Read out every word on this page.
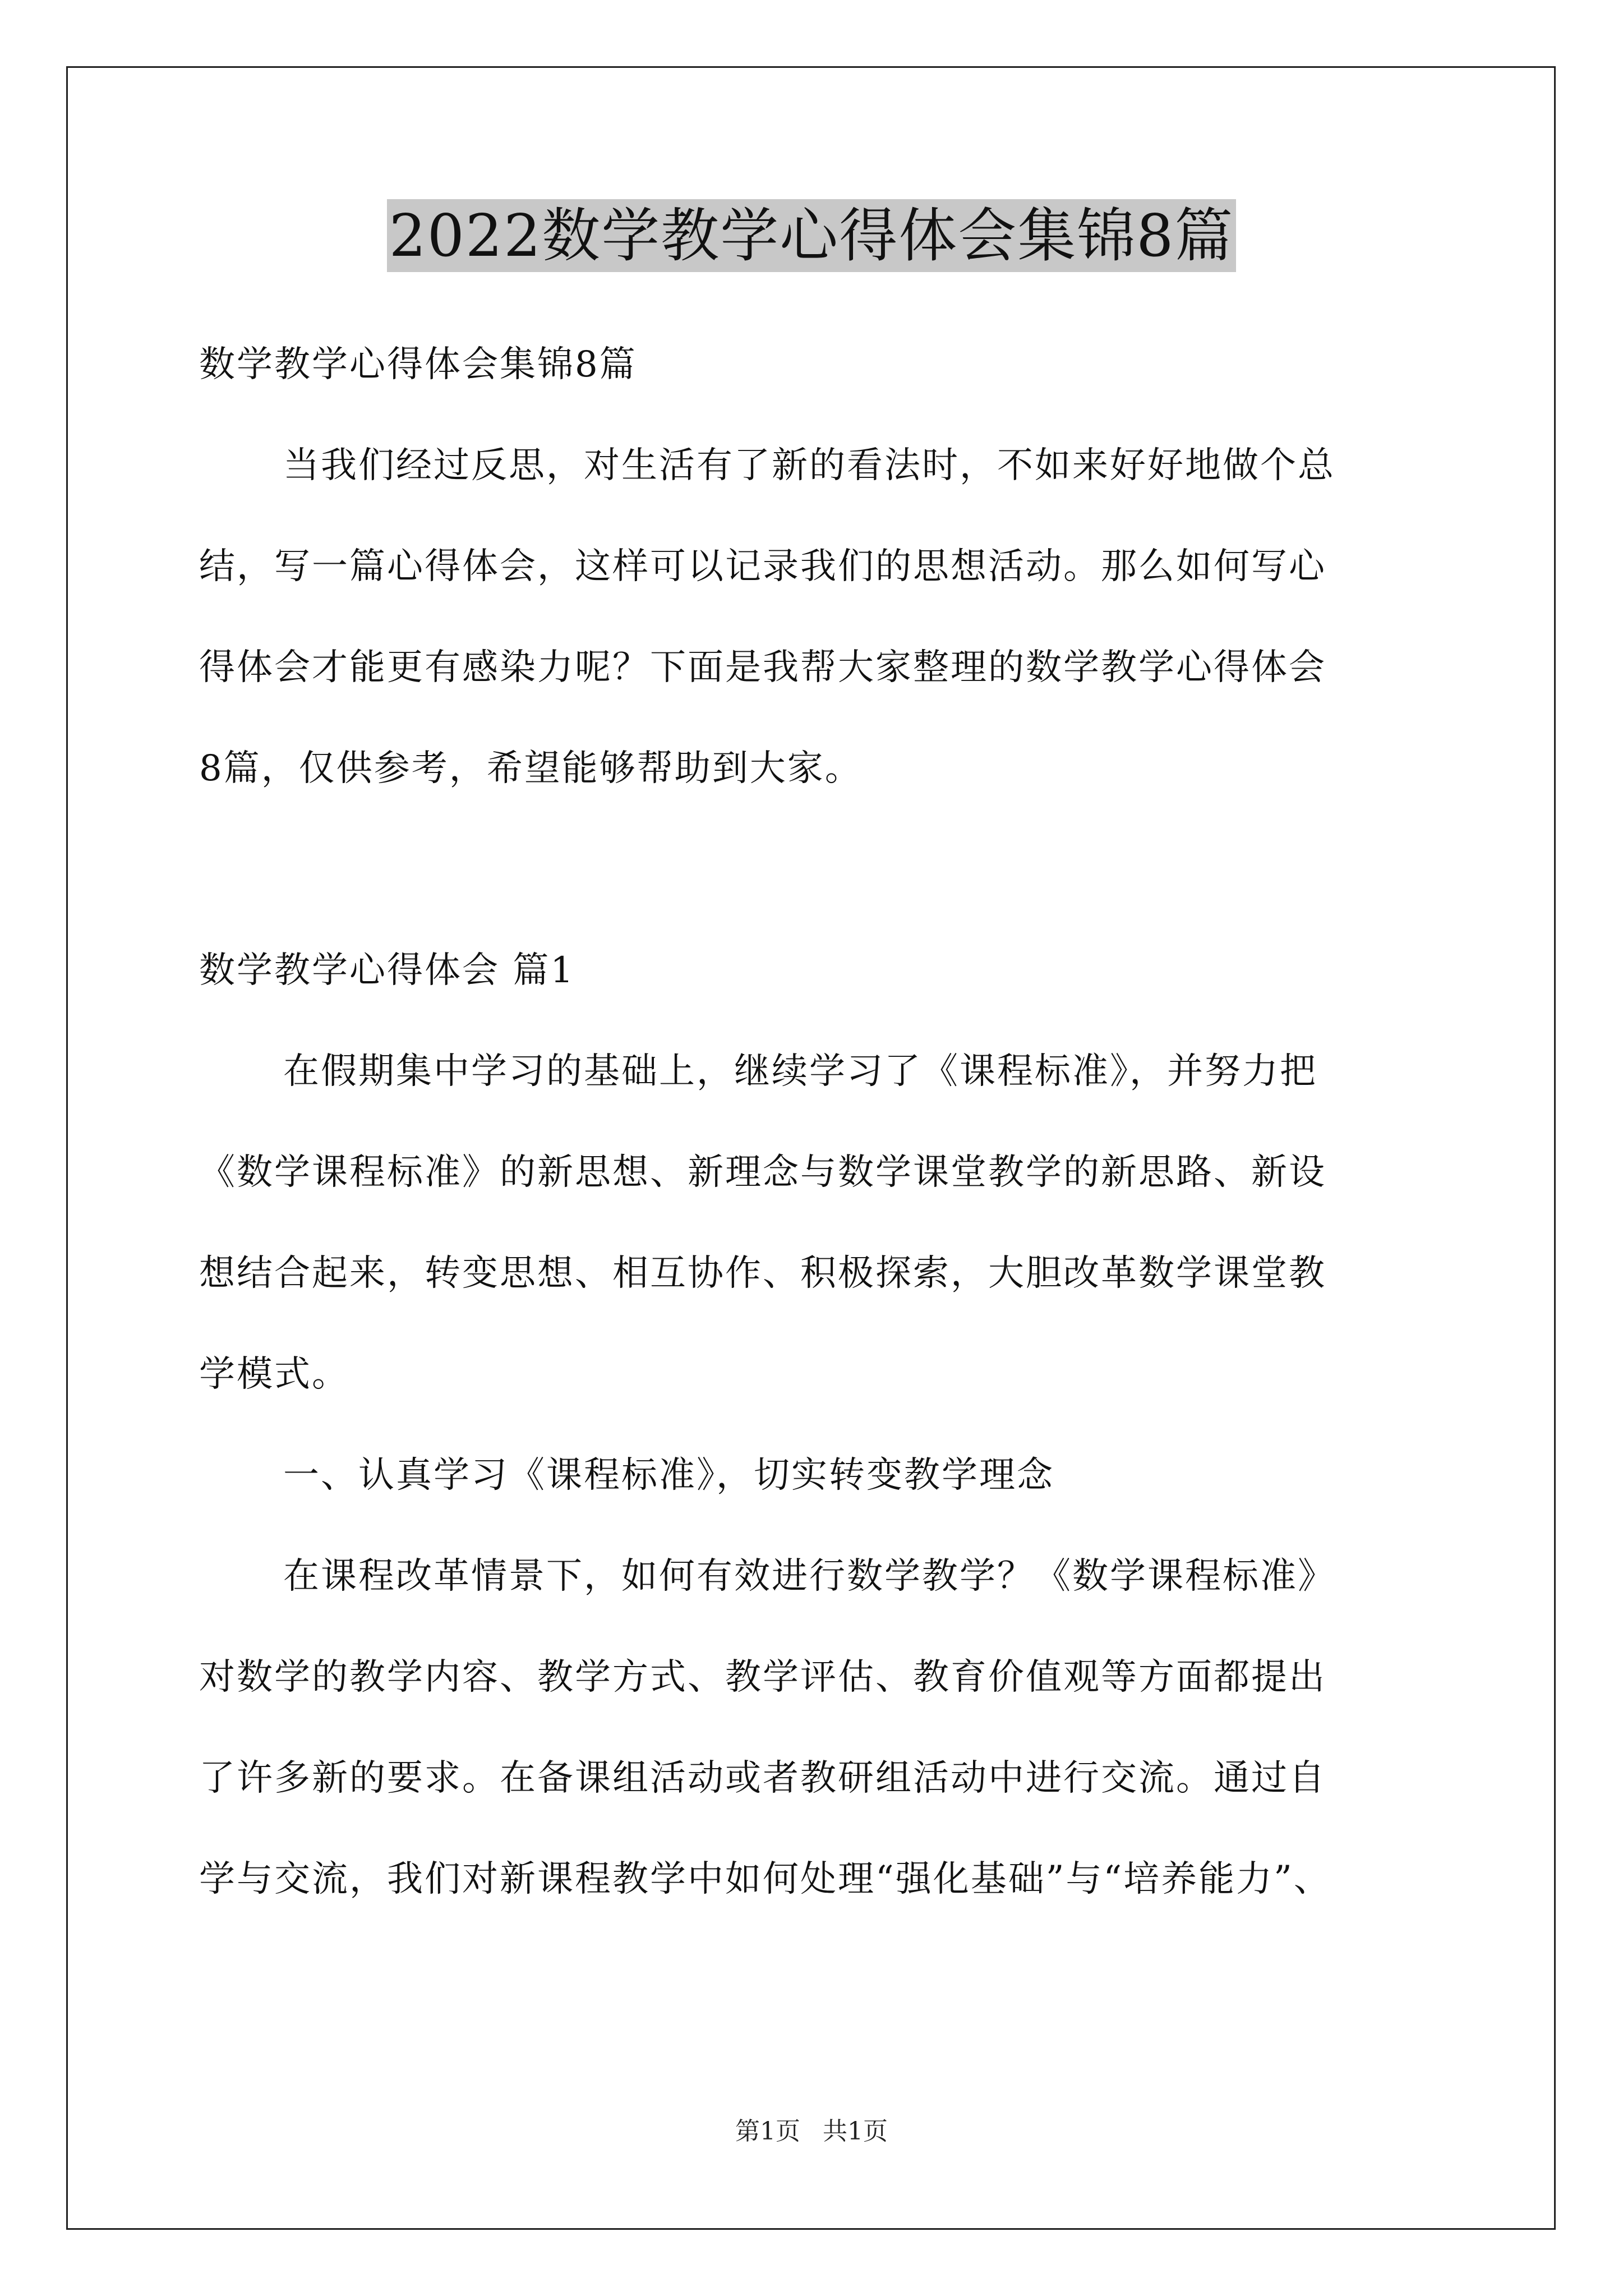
2022数学教学心得体会集锦8篇
数学教学心得体会集锦8篇
当我们经过反思，对生活有了新的看法时，不如来好好地做个总
结，写一篇心得体会，这样可以记录我们的思想活动。那么如何写心
得体会才能更有感染力呢？下面是我帮大家整理的数学教学心得体会
8篇，仅供参考，希望能够帮助到大家。
数学教学心得体会 篇1
在假期集中学习的基础上，继续学习了《课程标准》，并努力把
《数学课程标准》的新思想、新理念与数学课堂教学的新思路、新设
想结合起来，转变思想、相互协作、积极探索，大胆改革数学课堂教
学模式。
一、认真学习《课程标准》，切实转变教学理念
在课程改革情景下，如何有效进行数学教学？《数学课程标准》
对数学的教学内容、教学方式、教学评估、教育价值观等方面都提出
了许多新的要求。在备课组活动或者教研组活动中进行交流。通过自
学与交流，我们对新课程教学中如何处理“强化基础”与“培养能力”、
第1页 共1页
